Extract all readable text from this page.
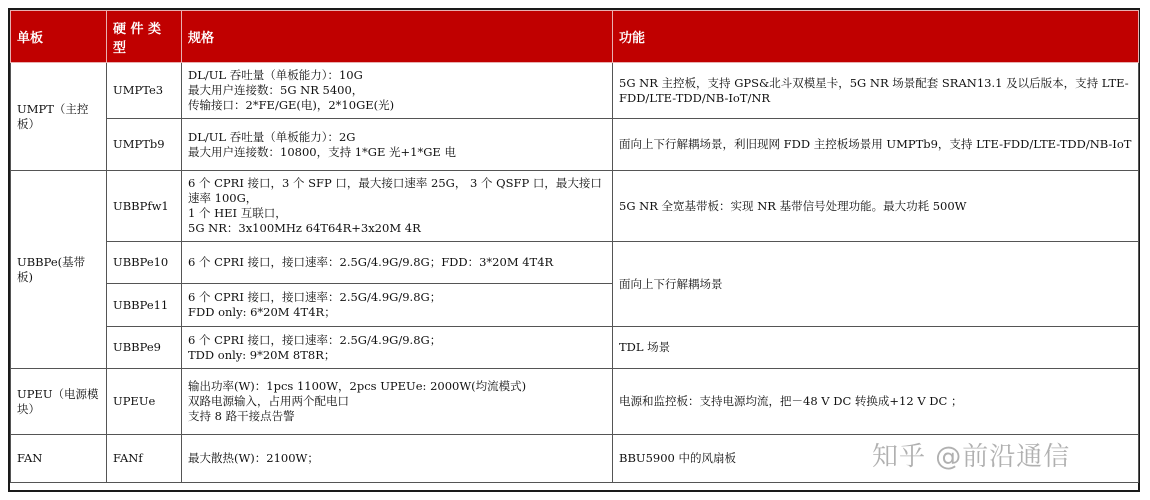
单板	硬 件 类 型	规格	功能
UMPT（主控板）	UMPTe3	DL/UL 吞吐量（单板能力）：10G
最大用户连接数：5G NR 5400，
传输接口：2*FE/GE(电)，2*10GE(光)	5G NR 主控板，支持 GPS&北斗双模星卡，5G NR 场景配套 SRAN13.1 及以后版本，支持 LTE-FDD/LTE-TDD/NB-IoT/NR
	UMPTb9	DL/UL 吞吐量（单板能力）：2G
最大用户连接数：10800，支持 1*GE 光+1*GE 电	面向上下行解耦场景，利旧现网 FDD 主控板场景用 UMPTb9，支持 LTE-FDD/LTE-TDD/NB-IoT
UBBPe(基带板)	UBBPfw1	6 个 CPRI 接口，3 个 SFP 口，最大接口速率 25G， 3 个 QSFP 口，最大接口速率 100G，
1 个 HEI 互联口，
5G NR：3x100MHz 64T64R+3x20M 4R	5G NR 全宽基带板：实现 NR 基带信号处理功能。最大功耗 500W
	UBBPe10	6 个 CPRI 接口，接口速率：2.5G/4.9G/9.8G；FDD：3*20M 4T4R	面向上下行解耦场景
	UBBPe11	6 个 CPRI 接口，接口速率：2.5G/4.9G/9.8G；
FDD only: 6*20M 4T4R；	
	UBBPe9	6 个 CPRI 接口，接口速率：2.5G/4.9G/9.8G；
TDD only: 9*20M 8T8R；	TDL 场景
UPEU（电源模块）	UPEUe	输出功率(W)：1pcs 1100W，2pcs UPEUe: 2000W(均流模式)
双路电源输入，占用两个配电口
支持 8 路干接点告警	电源和监控板：支持电源均流，把－48 V DC 转换成+12 V DC ；
FAN	FANf	最大散热(W)：2100W；	BBU5900 中的风扇板	知乎 @前沿通信
